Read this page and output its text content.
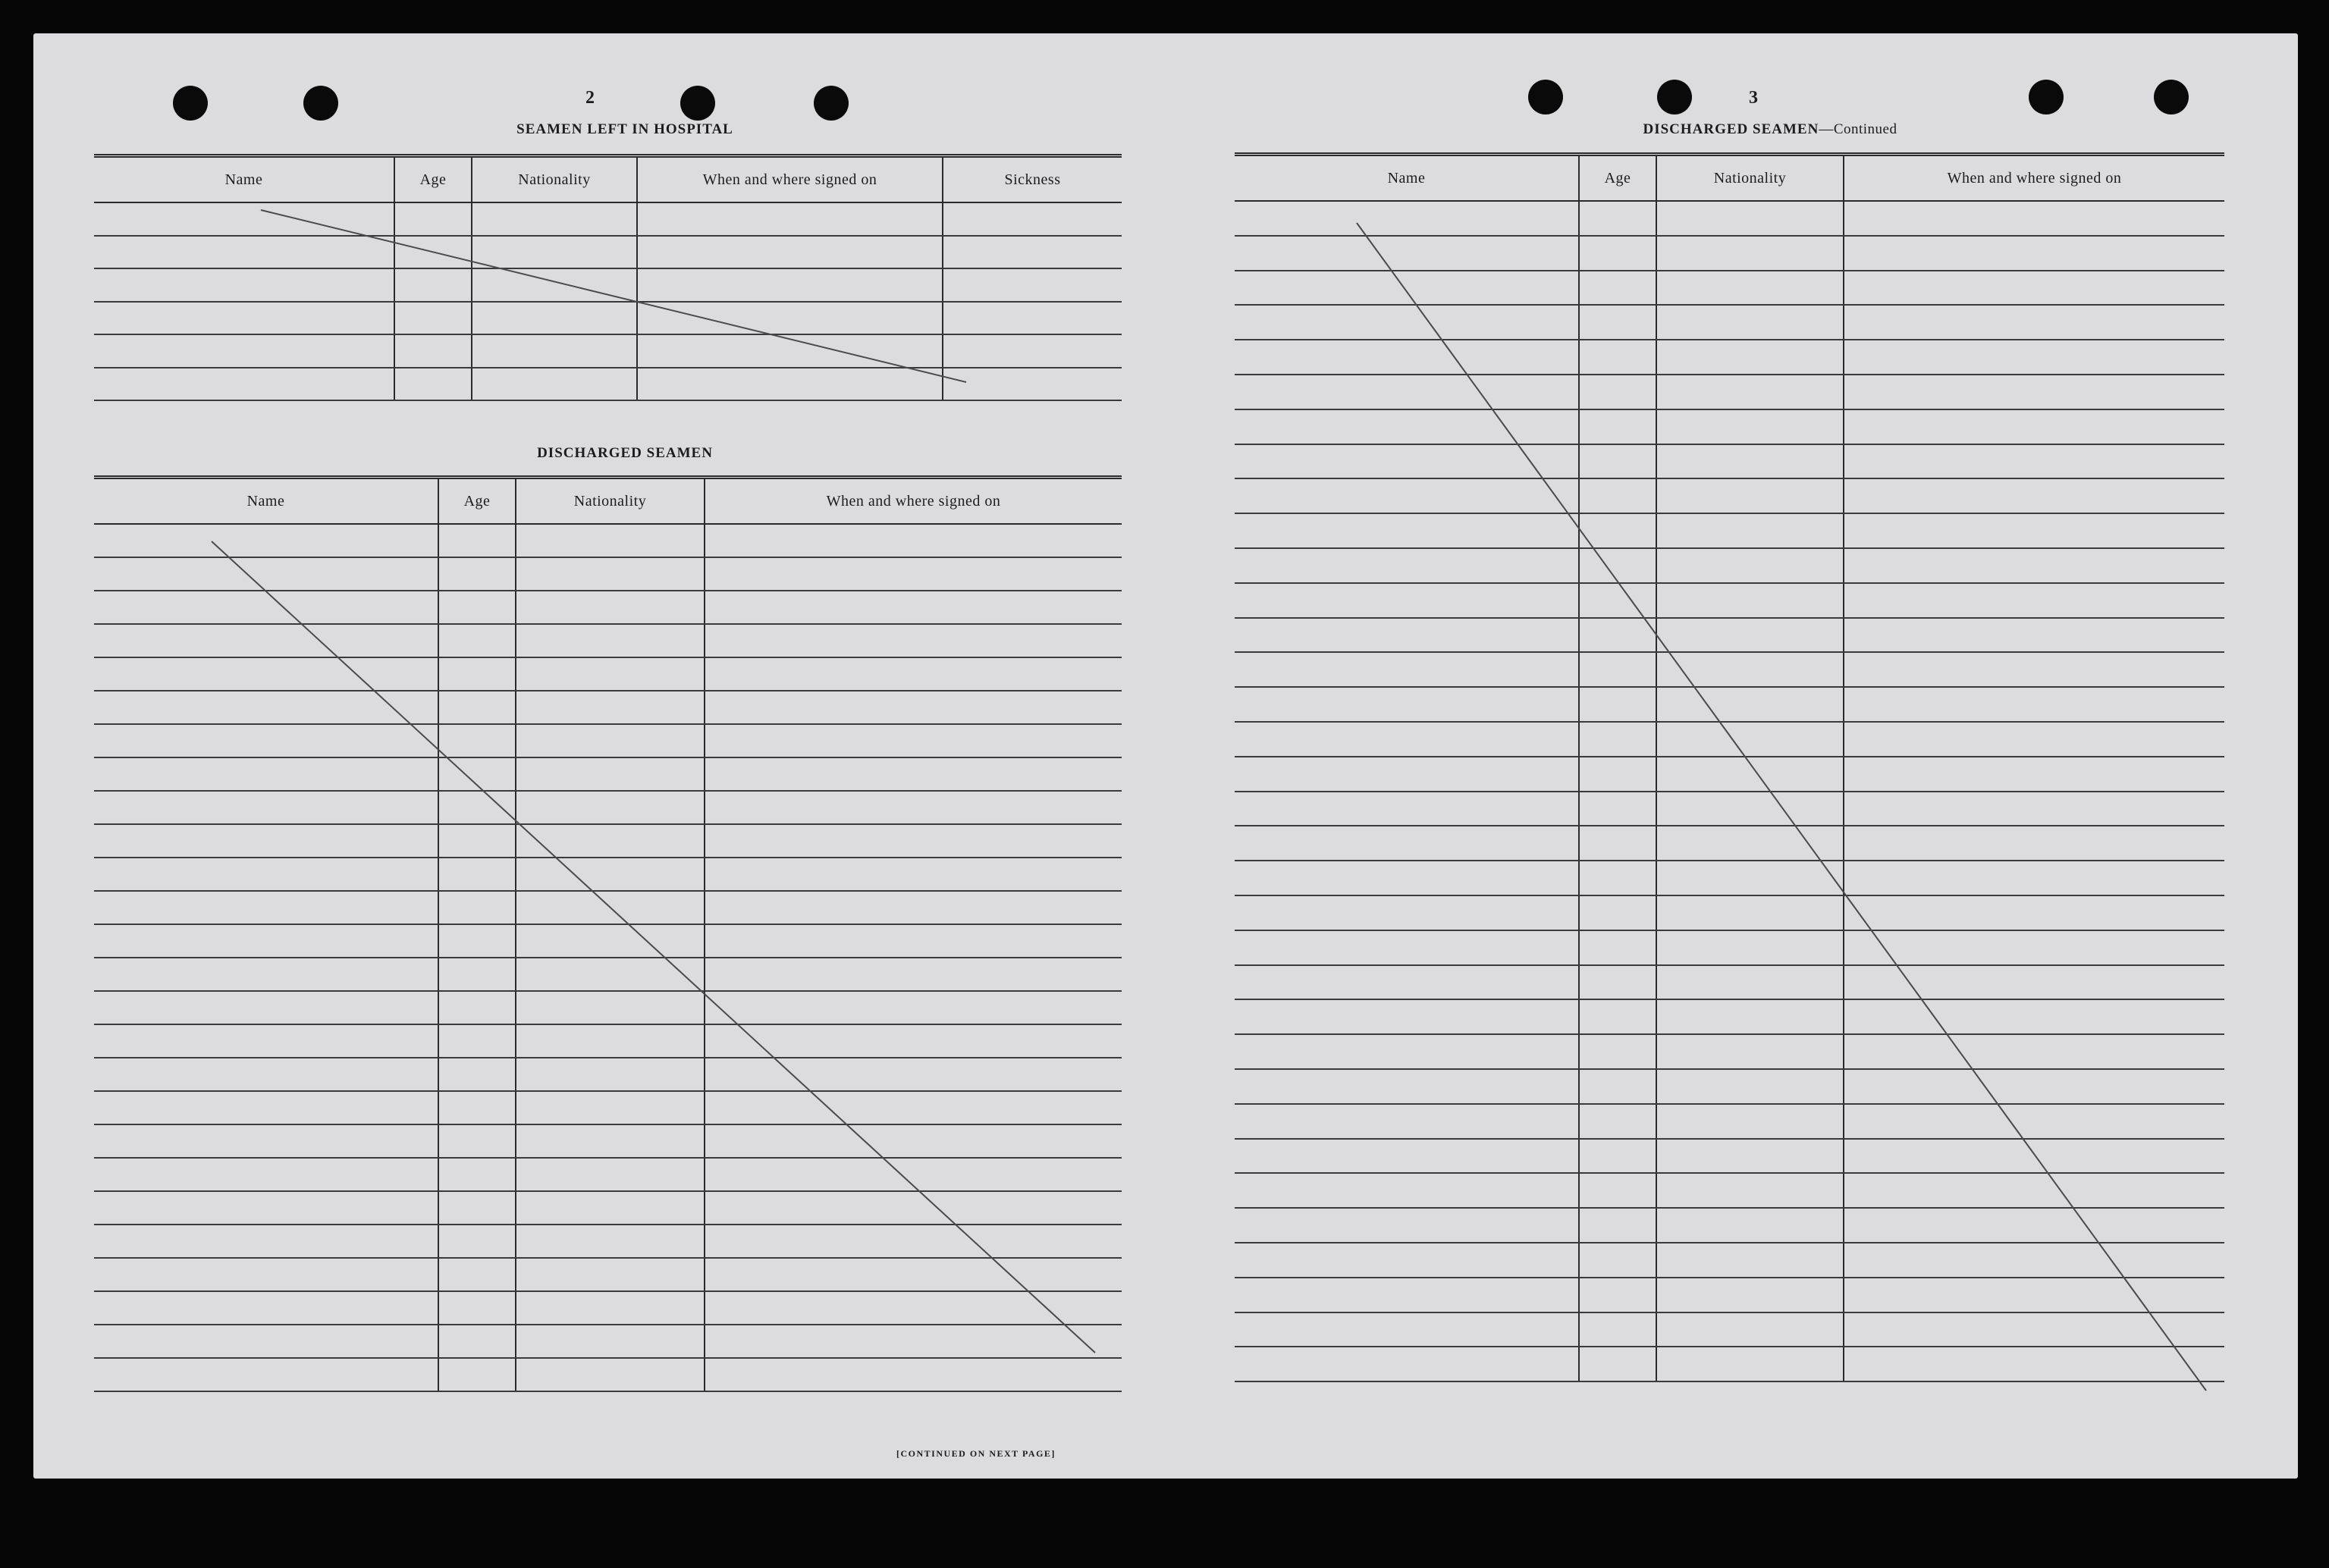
2
SEAMEN LEFT IN HOSPITAL
Name	Age	Nationality	When and where signed on	Sickness

DISCHARGED SEAMEN
Name	Age	Nationality	When and where signed on

[CONTINUED ON NEXT PAGE]
3
DISCHARGED SEAMEN—Continued
Name	Age	Nationality	When and where signed on
